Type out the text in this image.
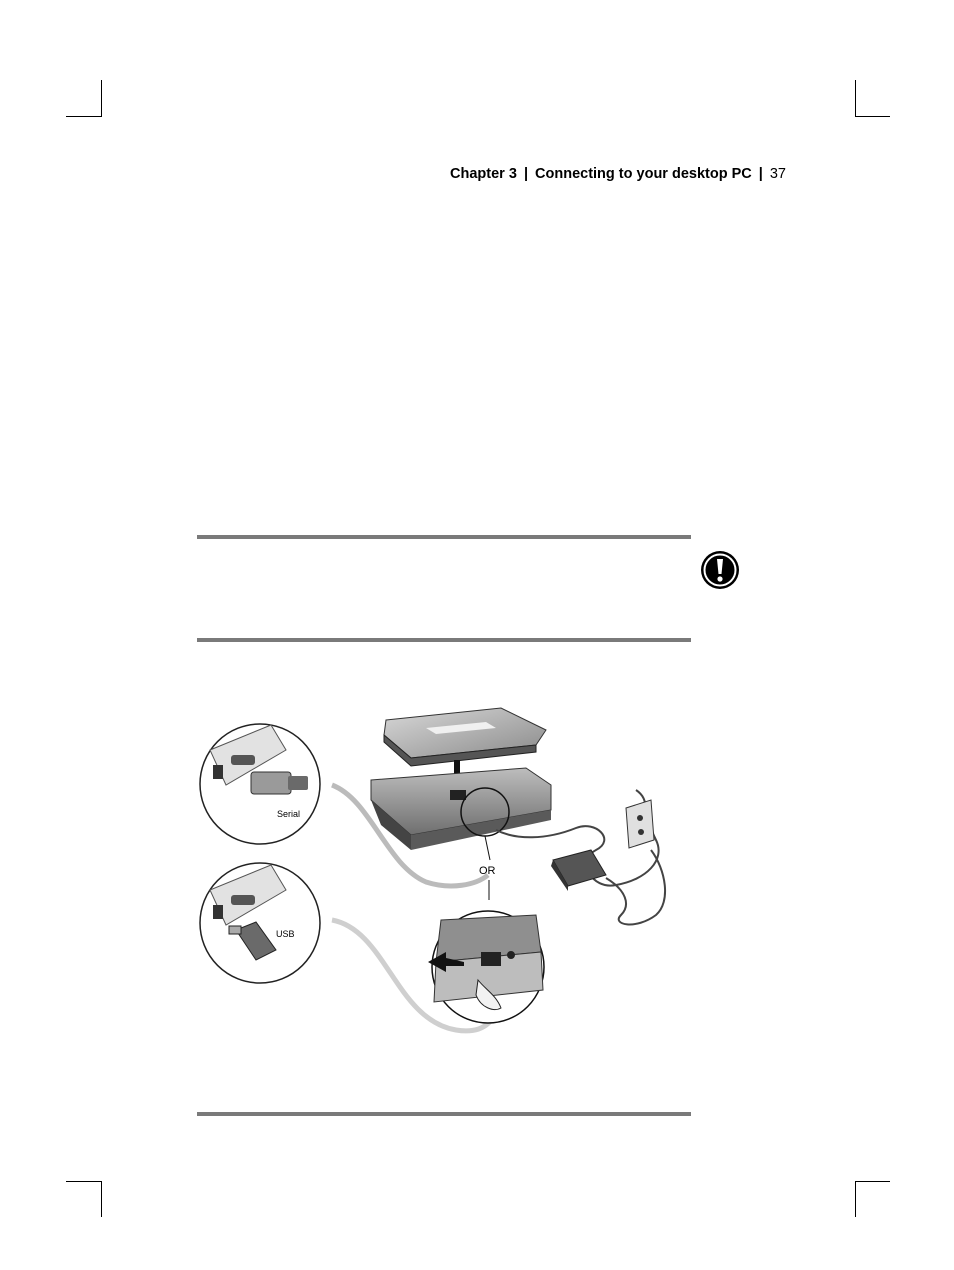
Chapter 3 | Connecting to your desktop PC | 37
Serial
USB
OR
